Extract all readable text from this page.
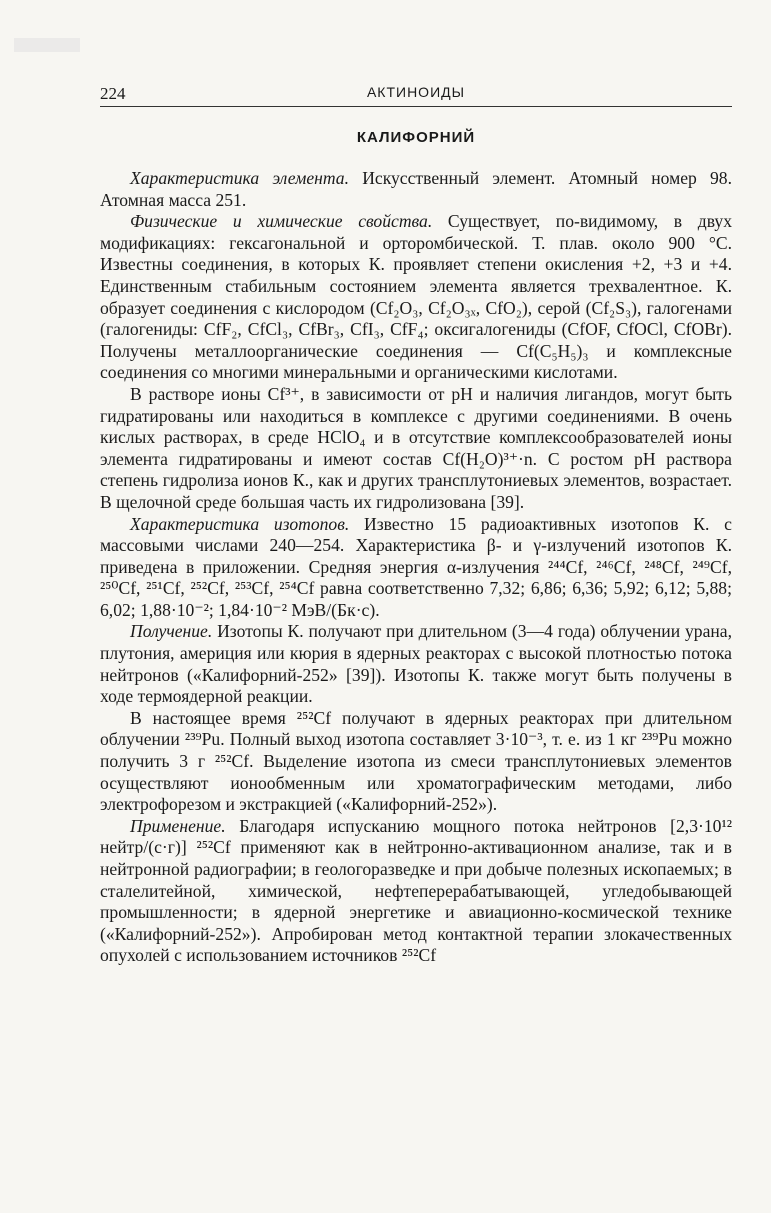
224	АКТИНОИДЫ
КАЛИФОРНИЙ

Характеристика элемента. Искусственный элемент. Атомный номер 98. Атомная масса 251.

Физические и химические свойства. Существует, по-видимому, в двух модификациях: гексагональной и орторомбической. Т. плав. около 900 °С. Известны соединения, в которых К. проявляет степени окисления +2, +3 и +4. Единственным стабильным состоянием элемента является трехвалентное. К. образует соединения с кислородом (Cf₂O₃, Cf₂O₃ₓ, CfO₂), серой (Cf₂S₃), галогенами (галогениды: CfF₂, CfCl₃, CfBr₃, CfI₃, CfF₄; оксигалогениды (CfOF, CfOCl, CfOBr). Получены металлоорганические соединения — Cf(C₅H₅)₃ и комплексные соединения со многими минеральными и органическими кислотами.

В растворе ионы Cf³⁺, в зависимости от pH и наличия лигандов, могут быть гидратированы или находиться в комплексе с другими соединениями. В очень кислых растворах, в среде HClO₄ и в отсутствие комплексообразователей ионы элемента гидратированы и имеют состав Cf(H₂O)³⁺·n. С ростом pH раствора степень гидролиза ионов К., как и других трансплутониевых элементов, возрастает. В щелочной среде большая часть их гидролизована [39].

Характеристика изотопов. Известно 15 радиоактивных изотопов К. с массовыми числами 240—254. Характеристика β- и γ-излучений изотопов К. приведена в приложении. Средняя энергия α-излучения ²⁴⁴Cf, ²⁴⁶Cf, ²⁴⁸Cf, ²⁴⁹Cf, ²⁵⁰Cf, ²⁵¹Cf, ²⁵²Cf, ²⁵³Cf, ²⁵⁴Cf равна соответственно 7,32; 6,86; 6,36; 5,92; 6,12; 5,88; 6,02; 1,88·10⁻²; 1,84·10⁻² МэВ/(Бк·с).

Получение. Изотопы К. получают при длительном (3—4 года) облучении урана, плутония, америция или кюрия в ядерных реакторах с высокой плотностью потока нейтронов («Калифорний-252» [39]). Изотопы К. также могут быть получены в ходе термоядерной реакции.

В настоящее время ²⁵²Cf получают в ядерных реакторах при длительном облучении ²³⁹Pu. Полный выход изотопа составляет 3·10⁻³, т. е. из 1 кг ²³⁹Pu можно получить 3 г ²⁵²Cf. Выделение изотопа из смеси трансплутониевых элементов осуществляют ионообменным или хроматографическим методами, либо электрофорезом и экстракцией («Калифорний-252»).

Применение. Благодаря испусканию мощного потока нейтронов [2,3·10¹² нейтр/(с·г)] ²⁵²Cf применяют как в нейтронно-активационном анализе, так и в нейтронной радиографии; в геологоразведке и при добыче полезных ископаемых; в сталелитейной, химической, нефтеперерабатывающей, угледобывающей промышленности; в ядерной энергетике и авиационно-космической технике («Калифорний-252»). Апробирован метод контактной терапии злокачественных опухолей с использованием источников ²⁵²Cf
